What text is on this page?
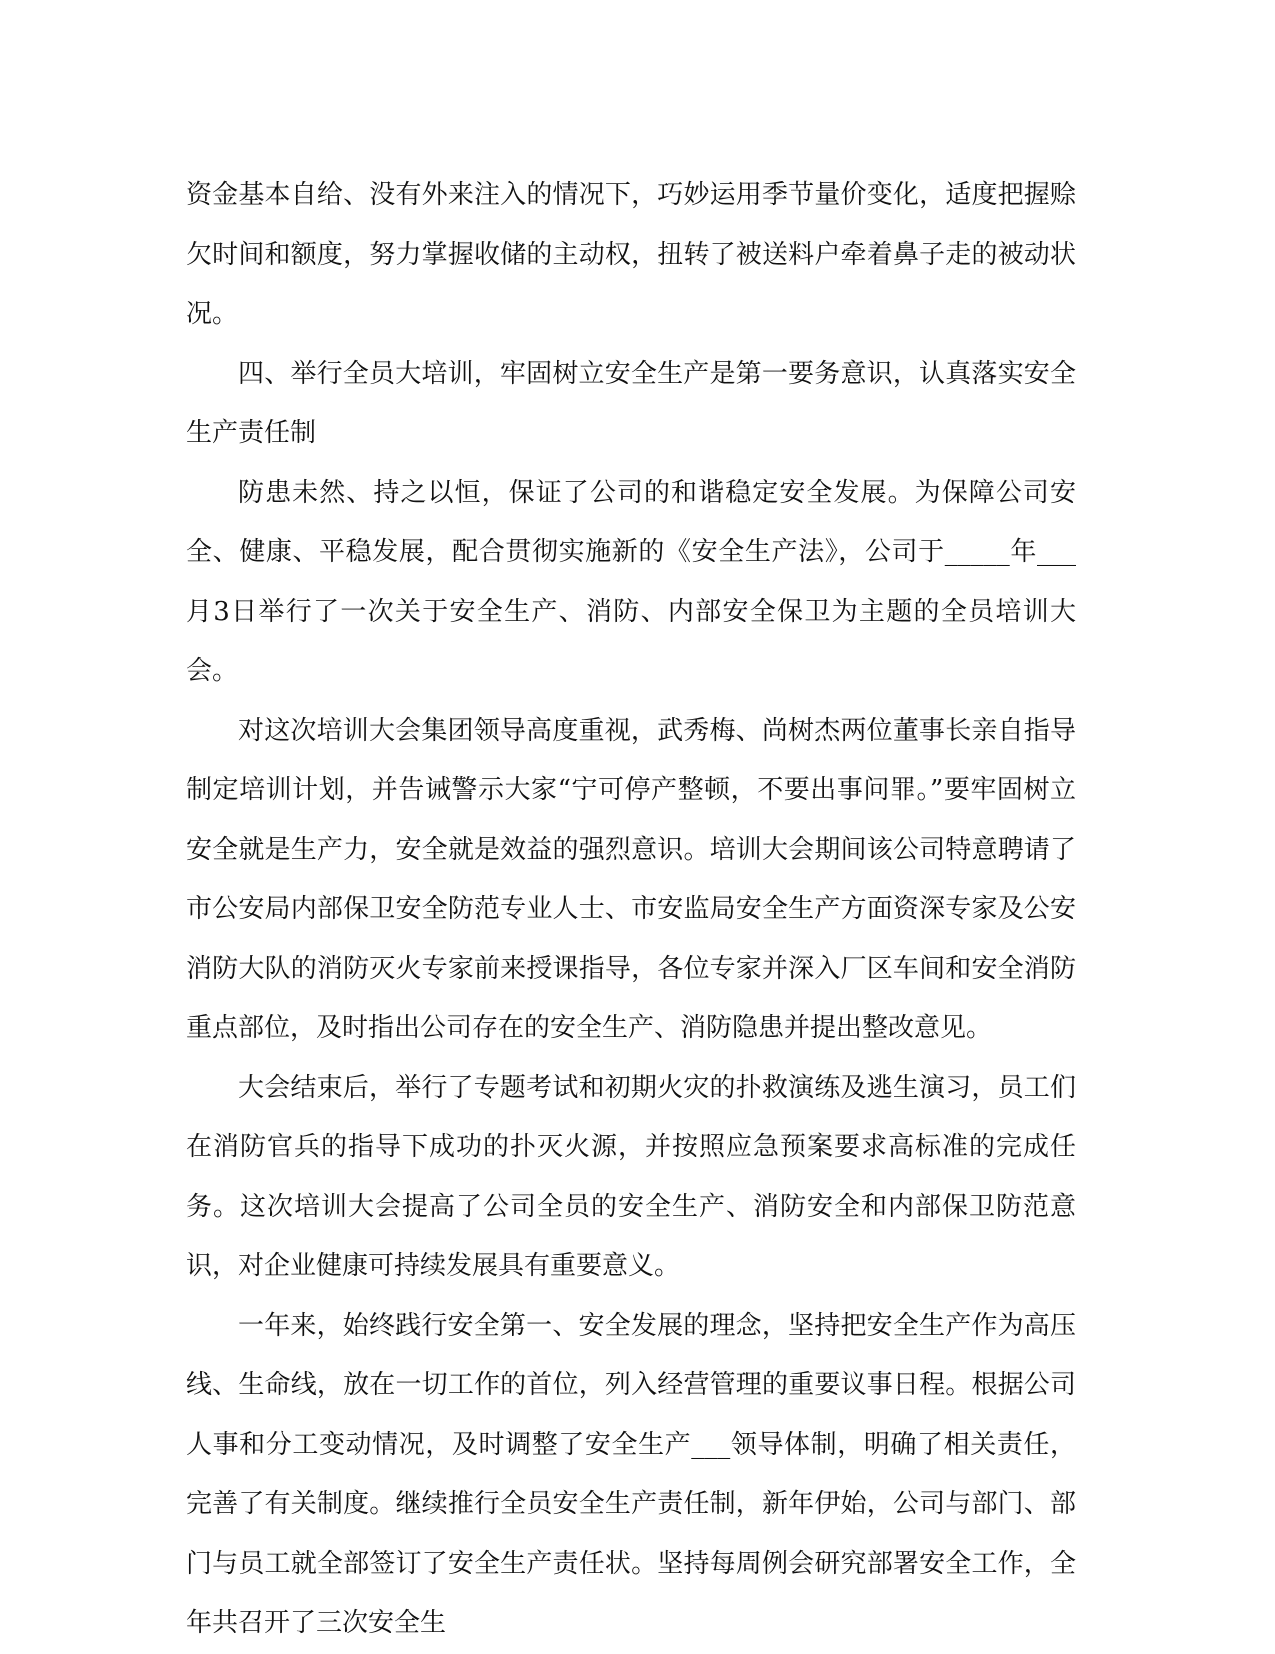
资金基本自给、没有外来注入的情况下，巧妙运用季节量价变化，适度把握赊欠时间和额度，努力掌握收储的主动权，扭转了被送料户牵着鼻子走的被动状况。

四、举行全员大培训，牢固树立安全生产是第一要务意识，认真落实安全生产责任制

防患未然、持之以恒，保证了公司的和谐稳定安全发展。为保障公司安全、健康、平稳发展，配合贯彻实施新的《安全生产法》，公司于_____年___月3日举行了一次关于安全生产、消防、内部安全保卫为主题的全员培训大会。

对这次培训大会集团领导高度重视，武秀梅、尚树杰两位董事长亲自指导制定培训计划，并告诫警示大家“宁可停产整顿，不要出事问罪。”要牢固树立安全就是生产力，安全就是效益的强烈意识。培训大会期间该公司特意聘请了市公安局内部保卫安全防范专业人士、市安监局安全生产方面资深专家及公安消防大队的消防灭火专家前来授课指导，各位专家并深入厂区车间和安全消防重点部位，及时指出公司存在的安全生产、消防隐患并提出整改意见。

大会结束后，举行了专题考试和初期火灾的扑救演练及逃生演习，员工们在消防官兵的指导下成功的扑灭火源，并按照应急预案要求高标准的完成任务。这次培训大会提高了公司全员的安全生产、消防安全和内部保卫防范意识，对企业健康可持续发展具有重要意义。

一年来，始终践行安全第一、安全发展的理念，坚持把安全生产作为高压线、生命线，放在一切工作的首位，列入经营管理的重要议事日程。根据公司人事和分工变动情况，及时调整了安全生产___领导体制，明确了相关责任，完善了有关制度。继续推行全员安全生产责任制，新年伊始，公司与部门、部门与员工就全部签订了安全生产责任状。坚持每周例会研究部署安全工作，全年共召开了三次安全生
